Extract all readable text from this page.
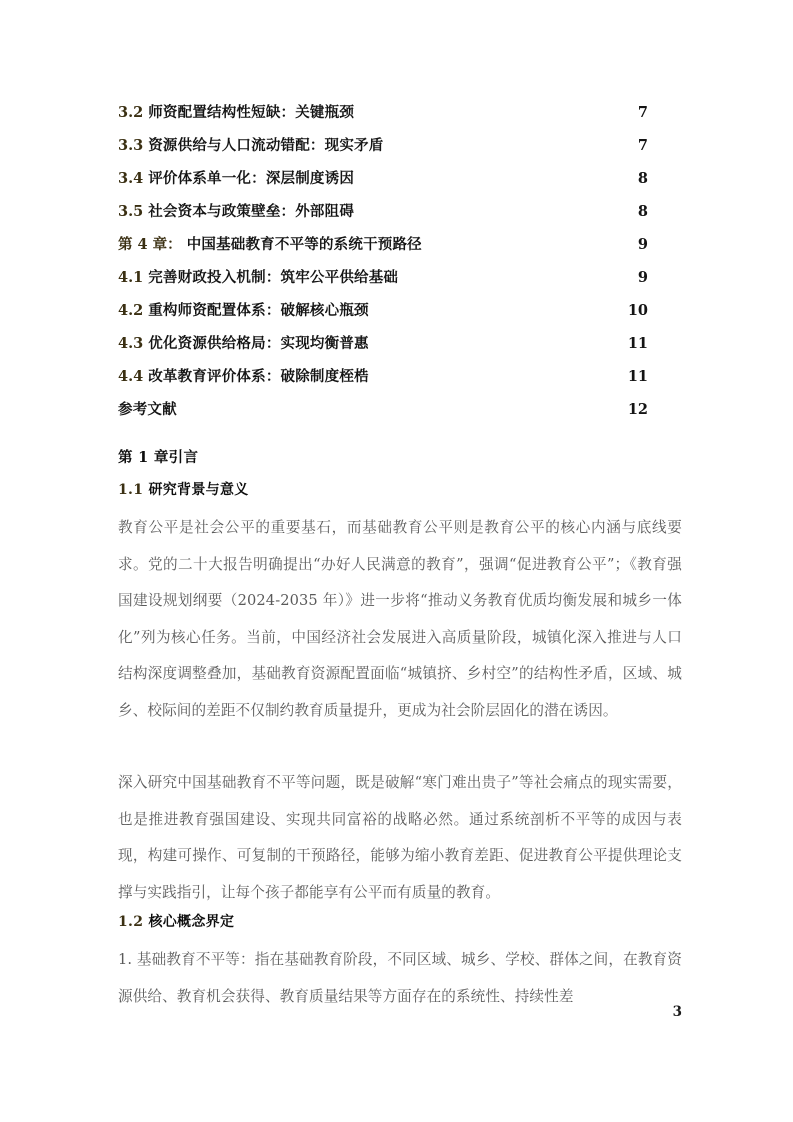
3.2 师资配置结构性短缺：关键瓶颈 .....	7
3.3 资源供给与人口流动错配：现实矛盾 .....	7
3.4 评价体系单一化：深层制度诱因 .....	8
3.5 社会资本与政策壁垒：外部阻碍 .....	8
第 4 章： 中国基础教育不平等的系统干预路径 .....	9
4.1 完善财政投入机制：筑牢公平供给基础 .....	9
4.2 重构师资配置体系：破解核心瓶颈 .....	10
4.3 优化资源供给格局：实现均衡普惠 .....	11
4.4 改革教育评价体系：破除制度桎梏 .....	11
参考文献 .....	12
第 1 章引言
1.1 研究背景与意义

教育公平是社会公平的重要基石，而基础教育公平则是教育公平的核心内涵与底线要求。党的二十大报告明确提出“办好人民满意的教育”，强调“促进教育公平”；《教育强国建设规划纲要（2024-2035 年）》进一步将“推动义务教育优质均衡发展和城乡一体化”列为核心任务。当前，中国经济社会发展进入高质量阶段，城镇化深入推进与人口结构深度调整叠加，基础教育资源配置面临“城镇挤、乡村空”的结构性矛盾，区域、城乡、校际间的差距不仅制约教育质量提升，更成为社会阶层固化的潜在诱因。

深入研究中国基础教育不平等问题，既是破解“寒门难出贵子”等社会痛点的现实需要，也是推进教育强国建设、实现共同富裕的战略必然。通过系统剖析不平等的成因与表现，构建可操作、可复制的干预路径，能够为缩小教育差距、促进教育公平提供理论支撑与实践指引，让每个孩子都能享有公平而有质量的教育。

1.2 核心概念界定

1. 基础教育不平等：指在基础教育阶段，不同区域、城乡、学校、群体之间，在教育资源供给、教育机会获得、教育质量结果等方面存在的系统性、持续性差

3
